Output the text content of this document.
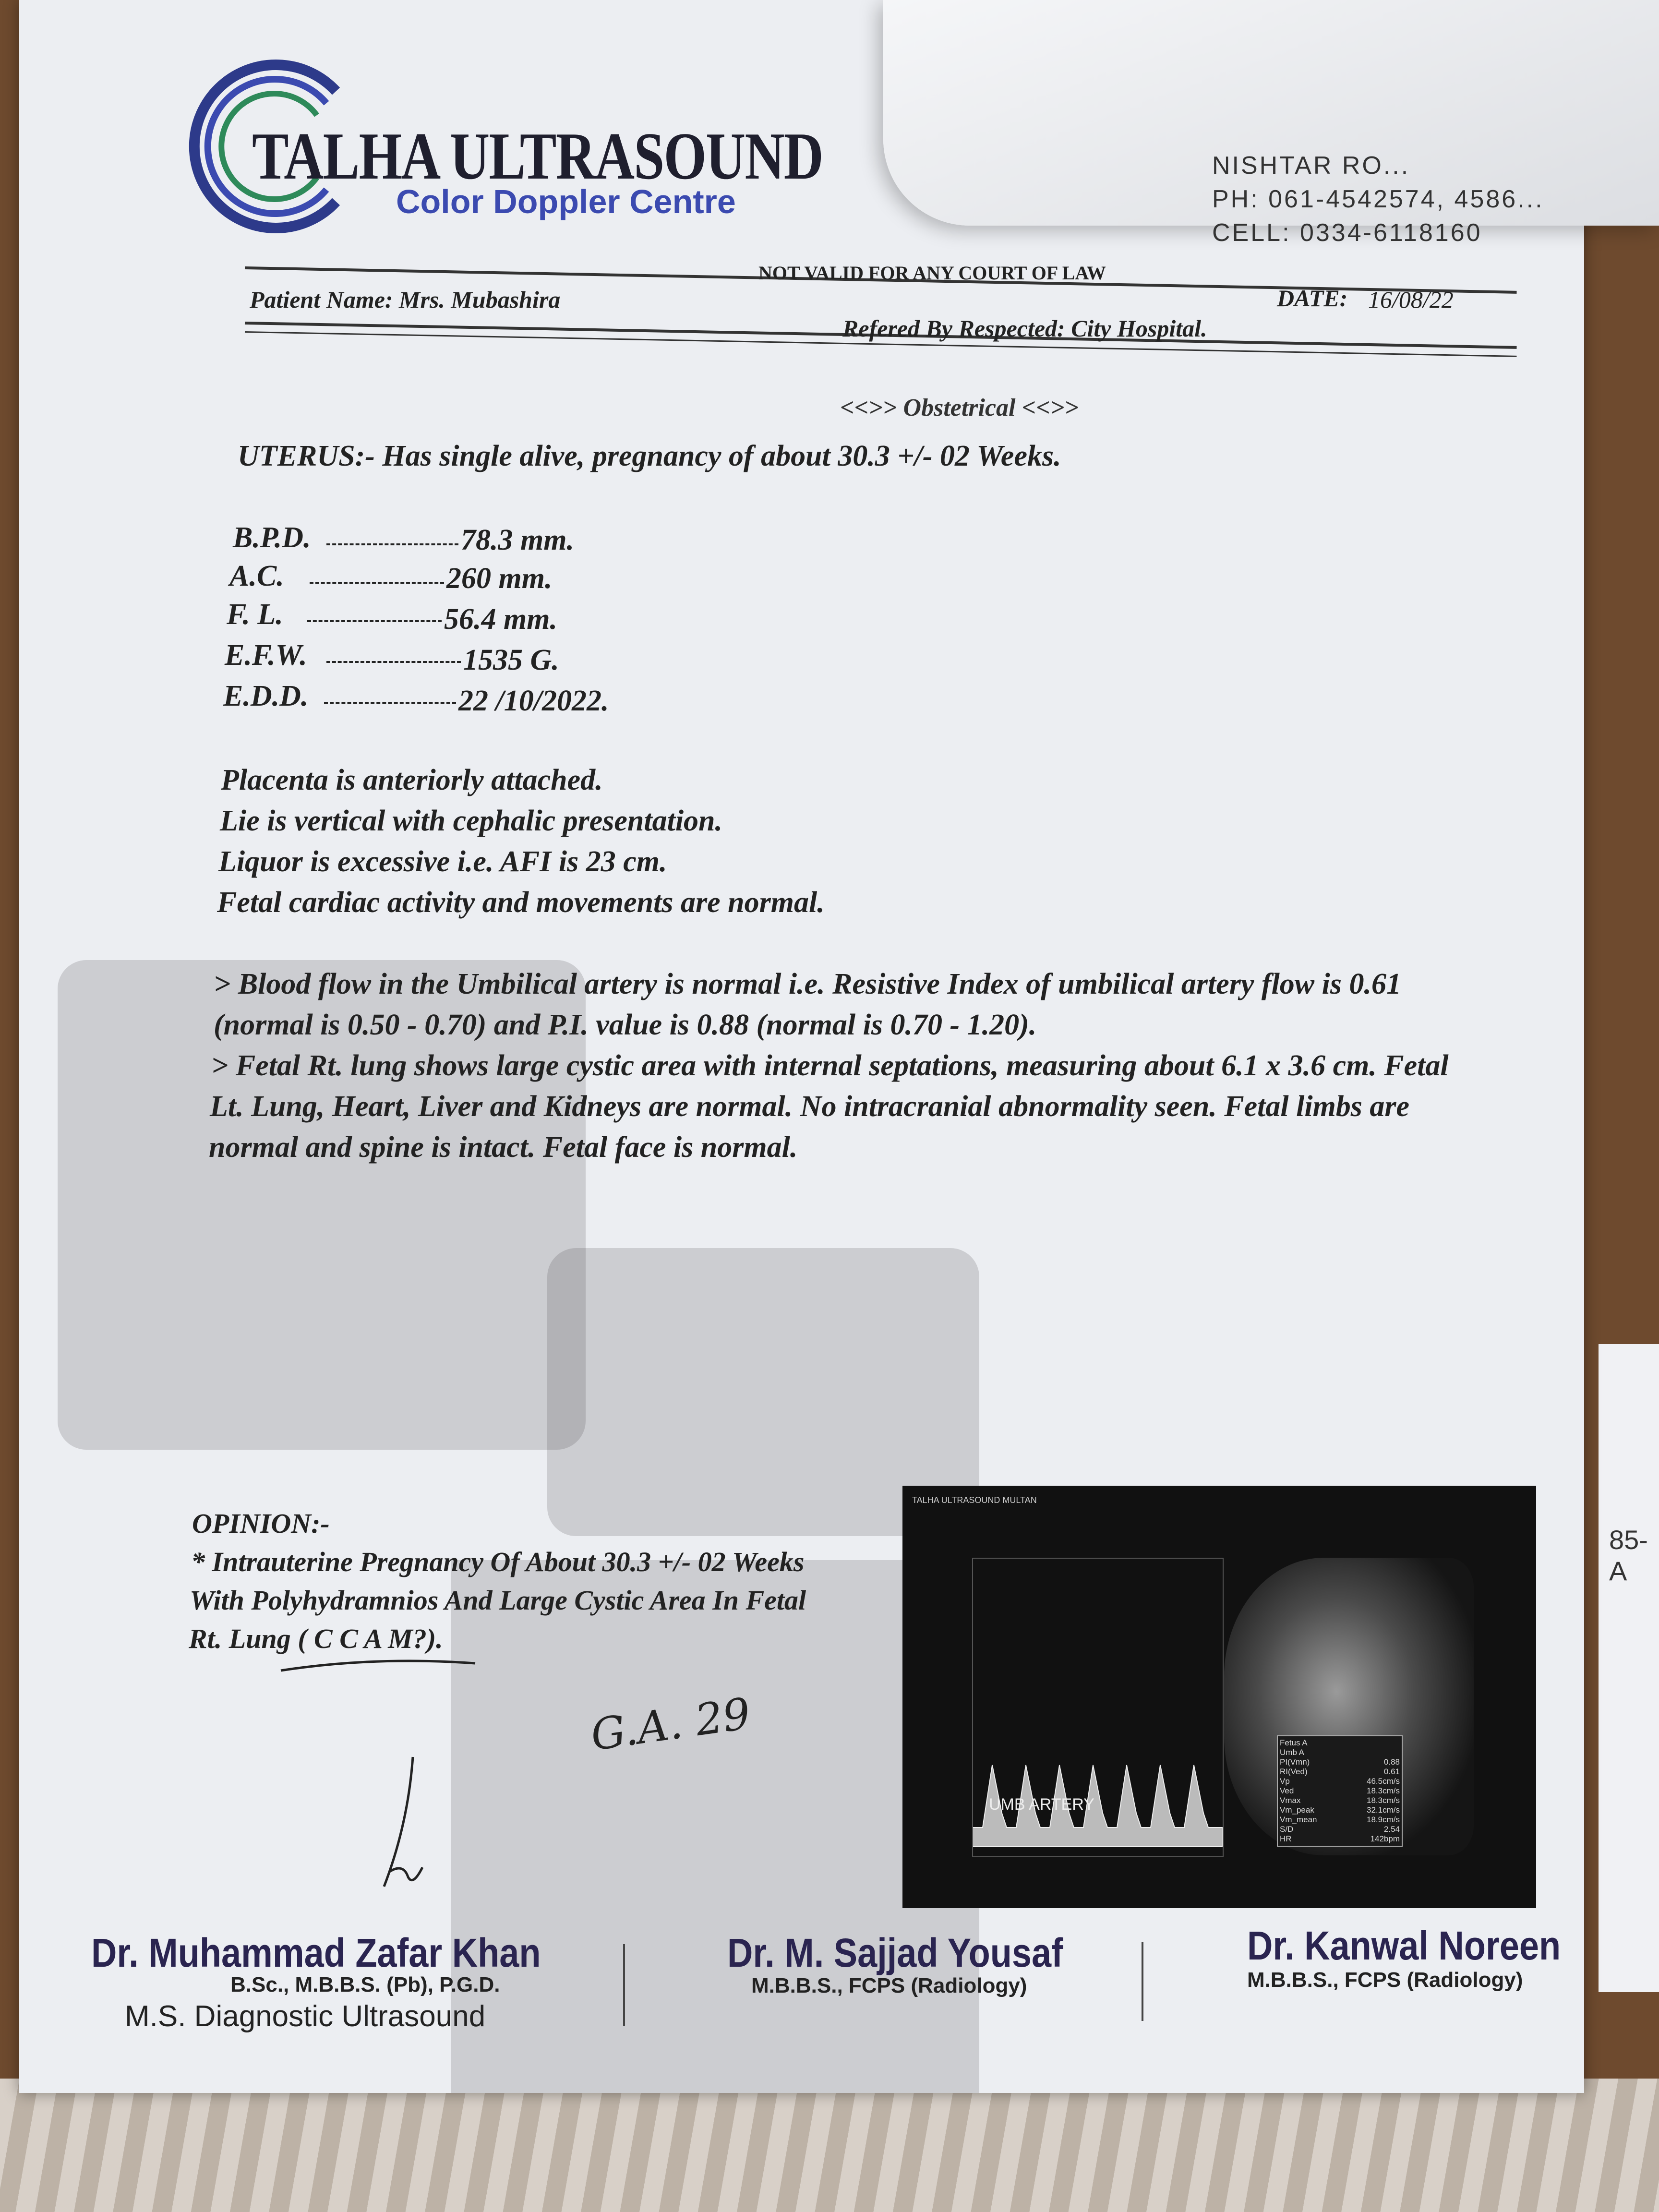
85-A
TALHA ULTRASOUND
Color Doppler Centre
NISHTAR RO...
PH: 061-4542574, 4586...
CELL: 0334-6118160
NOT VALID FOR ANY COURT OF LAW
Patient Name: Mrs. Mubashira	DATE: 16/08/22
Refered By Respected: City Hospital.
<<>> Obstetrical <<>>
UTERUS:- Has single alive, pregnancy of about 30.3 +/- 02 Weeks.
B.P.D.	78.3 mm.
A.C.	260 mm.
F. L.	56.4 mm.
E.F.W.	1535 G.
E.D.D.	22 /10/2022.
Placenta is anteriorly attached.
Lie is vertical with cephalic presentation.
Liquor is excessive i.e. AFI is 23 cm.
Fetal cardiac activity and movements are normal.
> Blood flow in the Umbilical artery is normal i.e. Resistive Index of umbilical artery flow is 0.61
(normal is 0.50 - 0.70) and P.I. value is 0.88 (normal is 0.70 - 1.20).
> Fetal Rt. lung shows large cystic area with internal septations, measuring about 6.1 x 3.6 cm. Fetal
Lt. Lung, Heart, Liver and Kidneys are normal. No intracranial abnormality seen. Fetal limbs are
normal and spine is intact. Fetal face is normal.
TALHA ULTRASOUND MULTAN
UMB ARTERY
Fetus A
Umb A
PI(Vmn)	0.88
RI(Ved)	0.61
Vp	46.5cm/s
Ved	18.3cm/s
Vmax	18.3cm/s
Vm_peak	32.1cm/s
Vm_mean	18.9cm/s
S/D	2.54
HR	142bpm
OPINION:-
* Intrauterine Pregnancy Of About 30.3 +/- 02 Weeks
With Polyhydramnios And Large Cystic Area In Fetal
Rt. Lung ( C C A M?).
G.A. 29
Dr. Muhammad Zafar Khan
B.Sc., M.B.B.S. (Pb), P.G.D.
M.S. Diagnostic Ultrasound
Dr. M. Sajjad Yousaf
M.B.B.S., FCPS (Radiology)
Dr. Kanwal Noreen
M.B.B.S., FCPS (Radiology)
